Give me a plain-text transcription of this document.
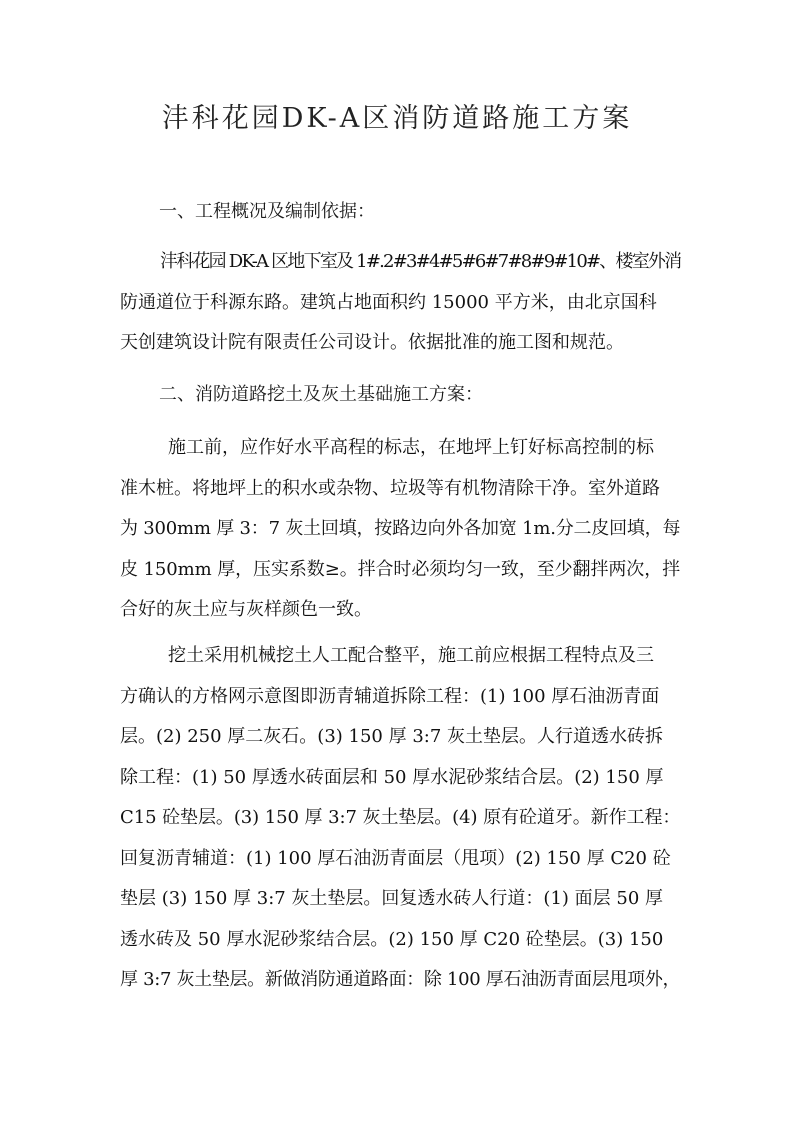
沣科花园DK-A区消防道路施工方案
一、工程概况及编制依据：
沣科花园 DK-A 区地下室及 1#.2#3#4#5#6#7#8#9#10#、楼室外消
防通道位于科源东路。建筑占地面积约 15000 平方米，由北京国科
天创建筑设计院有限责任公司设计。依据批准的施工图和规范。
二、消防道路挖土及灰土基础施工方案：
施工前，应作好水平高程的标志，在地坪上钉好标高控制的标
准木桩。将地坪上的积水或杂物、垃圾等有机物清除干净。室外道路
为 300mm 厚 3：7 灰土回填，按路边向外各加宽 1m.分二皮回填，每
皮 150mm 厚，压实系数≥。拌合时必须均匀一致，至少翻拌两次，拌
合好的灰土应与灰样颜色一致。
挖土采用机械挖土人工配合整平，施工前应根据工程特点及三
方确认的方格网示意图即沥青辅道拆除工程：(1) 100 厚石油沥青面
层。(2) 250 厚二灰石。(3) 150 厚 3:7 灰土垫层。人行道透水砖拆
除工程：(1) 50 厚透水砖面层和 50 厚水泥砂浆结合层。(2) 150 厚
C15 砼垫层。(3) 150 厚 3:7 灰土垫层。(4) 原有砼道牙。新作工程：
回复沥青辅道：(1) 100 厚石油沥青面层（甩项）(2) 150 厚 C20 砼
垫层 (3) 150 厚 3:7 灰土垫层。回复透水砖人行道：(1) 面层 50 厚
透水砖及 50 厚水泥砂浆结合层。(2) 150 厚 C20 砼垫层。(3) 150
厚 3:7 灰土垫层。新做消防通道路面：除 100 厚石油沥青面层甩项外，
